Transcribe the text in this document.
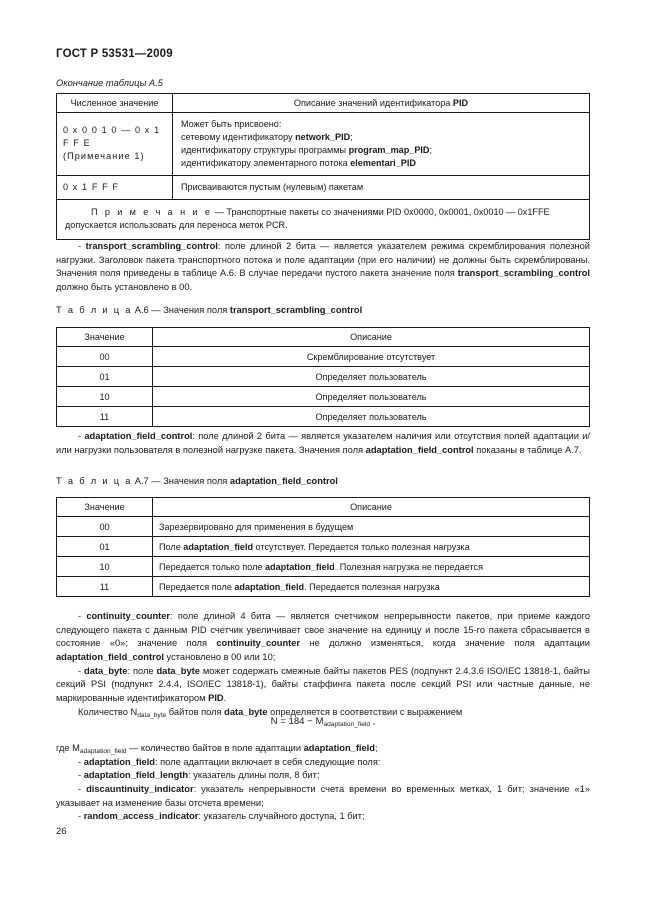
ГОСТ Р 53531—2009
Окончание таблицы А.5
Численное значение	Описание значений идентификатора PID
0 x 0 0 1 0 — 0 x 1 F F E
(Примечание 1)	Может быть присвоено:
сетевому идентификатору network_PID;
идентификатору структуры программы program_map_PID;
идентификатору элементарного потока elementari_PID
0 x 1 F F F	Присваиваются пустым (нулевым) пакетам
П р и м е ч а н и е — Транспортные пакеты со значениями PID 0x0000, 0x0001, 0x0010 — 0x1FFE допускается использовать для переноса меток PCR.	
- transport_scrambling_control: поле длиной 2 бита — является указателем режима скремблирования полезной нагрузки. Заголовок пакета транспортного потока и поле адаптации (при его наличии) не должны быть скремблированы. Значения поля приведены в таблице А.6. В случае передачи пустого пакета значение поля transport_scrambling_control должно быть установлено в 00.
Т а б л и ц а А.6 — Значения поля transport_scrambling_control
Значение	Описание
00	Скремблирование отсутствует
01	Определяет пользователь
10	Определяет пользователь
11	Определяет пользователь
- adaptation_field_control: поле длиной 2 бита — является указателем наличия или отсутствия полей адаптации и/или нагрузки пользователя в полезной нагрузке пакета. Значения поля adaptation_field_control показаны в таблице А.7.
Т а б л и ц а А.7 — Значения поля adaptation_field_control
Значение	Описание
00	Зарезервировано для применения в будущем
01	Поле adaptation_field отсутствует. Передается только полезная нагрузка
10	Передается только поле adaptation_field. Полезная нагрузка не передается
11	Передается поле adaptation_field. Передается полезная нагрузка
- continuity_counter: поле длиной 4 бита — является счетчиком непрерывности пакетов, при приеме каждого следующего пакета с данным PID счетчик увеличивает свое значение на единицу и после 15-го пакета сбрасывается в состояние «0»; значение поля continuity_counter не должно изменяться, когда значение поля адаптации adaptation_field_control установлено в 00 или 10;
- data_byte: поле data_byte может содержать смежные байты пакетов PES (подпункт 2.4.3.6 ISO/IEC 13818-1, байты секций PSI (подпункт 2.4.4, ISO/IEC 13818-1), байты стаффинга пакета после секций PSI или частные данные, не маркированные идентификатором PID.
Количество $N_{data\_byte}$ байтов поля data_byte определяется в соответствии с выражением
$N = 184 - M_{adaptation\_field}$ ,
где $M_{adaptation\_field}$ — количество байтов в поле адаптации adaptation_field;
- adaptation_field: поле адаптации включает в себя следующие поля:
- adaptation_field_length: указатель длины поля, 8 бит;
- discauntinuity_indicator: указатель непрерывности счета времени во временных метках, 1 бит; значение «1» указывает на изменение базы отсчета времени;
- random_access_indicator: указатель случайного доступа, 1 бит;
26
